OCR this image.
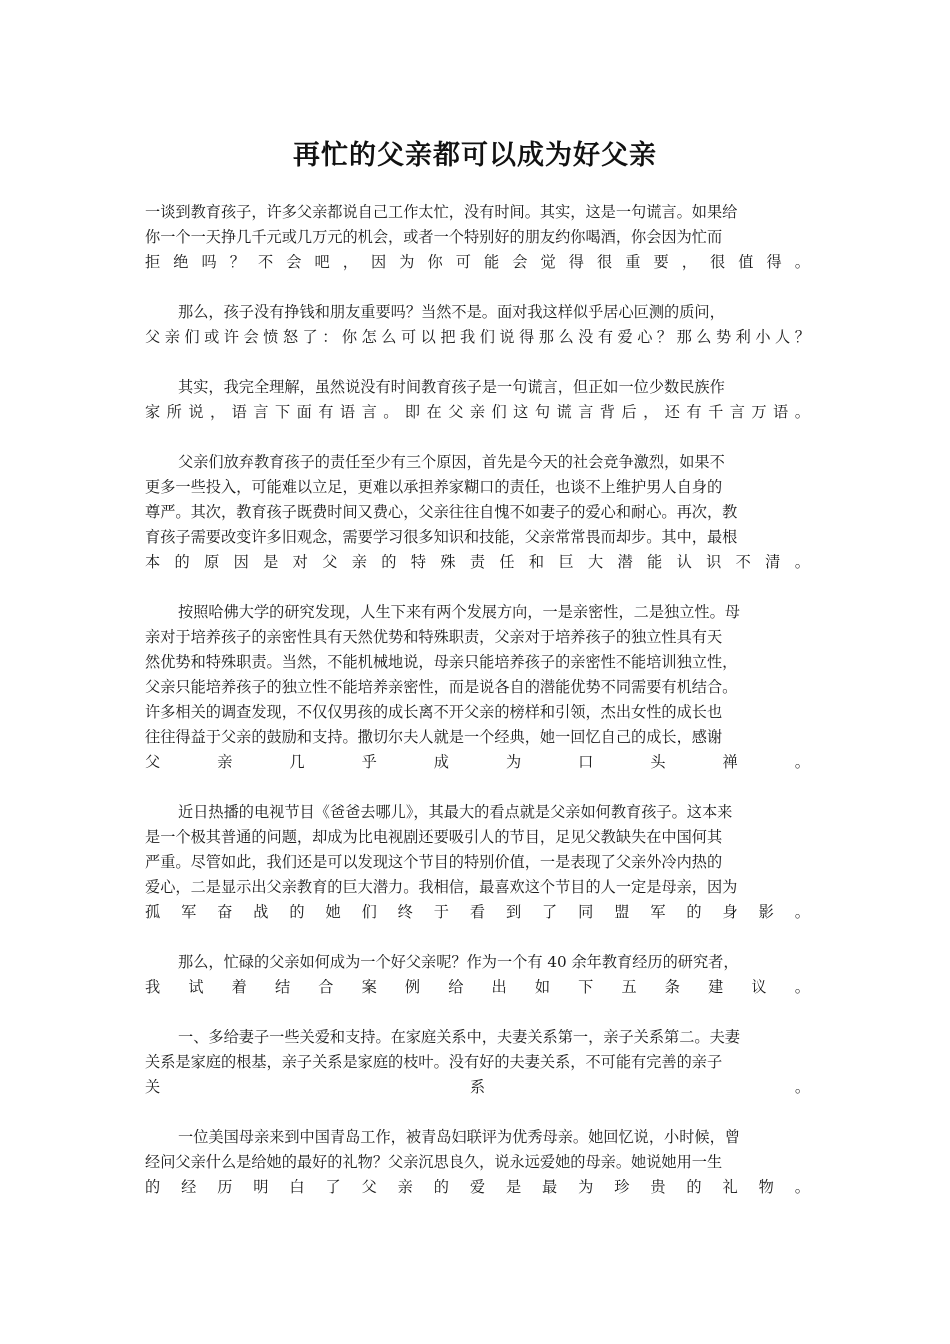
再忙的父亲都可以成为好父亲
一谈到教育孩子，许多父亲都说自己工作太忙，没有时间。其实，这是一句谎言。如果给
你一个一天挣几千元或几万元的机会，或者一个特别好的朋友约你喝酒，你会因为忙而
拒 绝 吗 ？ 不 会 吧 ， 因 为 你 可 能 会 觉 得 很 重 要 ， 很 值 得 。
那么，孩子没有挣钱和朋友重要吗？当然不是。面对我这样似乎居心叵测的质问，
父 亲 们 或 许 会 愤 怒 了 ： 你 怎 么 可 以 把 我 们 说 得 那 么 没 有 爱 心 ？ 那 么 势 利 小 人 ？
其实，我完全理解，虽然说没有时间教育孩子是一句谎言，但正如一位少数民族作
家 所 说 ， 语 言 下 面 有 语 言 。 即 在 父 亲 们 这 句 谎 言 背 后 ， 还 有 千 言 万 语 。
父亲们放弃教育孩子的责任至少有三个原因，首先是今天的社会竞争激烈，如果不
更多一些投入，可能难以立足，更难以承担养家糊口的责任，也谈不上维护男人自身的
尊严。其次，教育孩子既费时间又费心，父亲往往自愧不如妻子的爱心和耐心。再次，教
育孩子需要改变许多旧观念，需要学习很多知识和技能，父亲常常畏而却步。其中，最根
本 的 原 因 是 对 父 亲 的 特 殊 责 任 和 巨 大 潜 能 认 识 不 清 。
按照哈佛大学的研究发现，人生下来有两个发展方向，一是亲密性，二是独立性。母
亲对于培养孩子的亲密性具有天然优势和特殊职责，父亲对于培养孩子的独立性具有天
然优势和特殊职责。当然，不能机械地说，母亲只能培养孩子的亲密性不能培训独立性，
父亲只能培养孩子的独立性不能培养亲密性，而是说各自的潜能优势不同需要有机结合。
许多相关的调查发现，不仅仅男孩的成长离不开父亲的榜样和引领，杰出女性的成长也
往往得益于父亲的鼓励和支持。撒切尔夫人就是一个经典，她一回忆自己的成长，感谢
父	亲	几	乎	成	为	口	头	禅	。
近日热播的电视节目《爸爸去哪儿》，其最大的看点就是父亲如何教育孩子。这本来
是一个极其普通的问题，却成为比电视剧还要吸引人的节目，足见父教缺失在中国何其
严重。尽管如此，我们还是可以发现这个节目的特别价值，一是表现了父亲外冷内热的
爱心，二是显示出父亲教育的巨大潜力。我相信，最喜欢这个节目的人一定是母亲，因为
孤 军 奋 战 的 她 们 终 于 看 到 了 同 盟 军 的 身 影 。
那么，忙碌的父亲如何成为一个好父亲呢？作为一个有 40 余年教育经历的研究者，
我 试 着 结 合 案 例 给 出 如 下 五 条 建 议 。
一、多给妻子一些关爱和支持。在家庭关系中，夫妻关系第一，亲子关系第二。夫妻
关系是家庭的根基，亲子关系是家庭的枝叶。没有好的夫妻关系，不可能有完善的亲子
关	系	。
一位美国母亲来到中国青岛工作，被青岛妇联评为优秀母亲。她回忆说，小时候，曾
经问父亲什么是给她的最好的礼物？父亲沉思良久，说永远爱她的母亲。她说她用一生
的 经 历 明 白 了 父 亲 的 爱 是 最 为 珍 贵 的 礼 物 。
